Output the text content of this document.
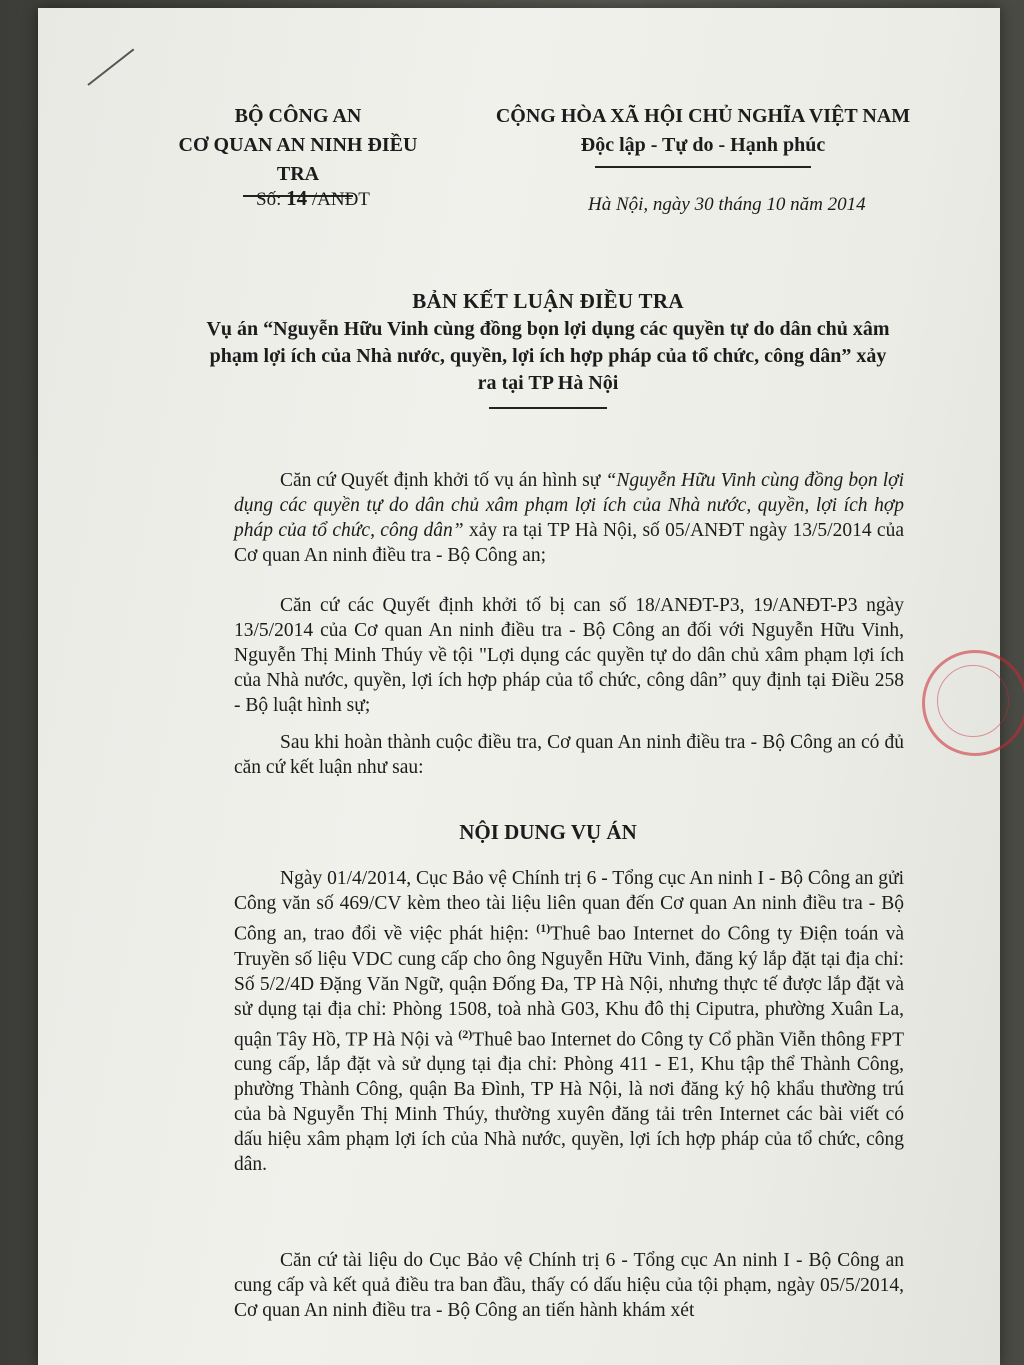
BỘ CÔNG AN
CƠ QUAN AN NINH ĐIỀU TRA
CỘNG HÒA XÃ HỘI CHỦ NGHĨA VIỆT NAM
Độc lập - Tự do - Hạnh phúc
Số: 14 /ANĐT	Hà Nội, ngày 30 tháng 10 năm 2014
BẢN KẾT LUẬN ĐIỀU TRA
Vụ án “Nguyễn Hữu Vinh cùng đồng bọn lợi dụng các quyền tự do dân chủ xâm phạm lợi ích của Nhà nước, quyền, lợi ích hợp pháp của tổ chức, công dân” xảy ra tại TP Hà Nội

Căn cứ Quyết định khởi tố vụ án hình sự “Nguyễn Hữu Vinh cùng đồng bọn lợi dụng các quyền tự do dân chủ xâm phạm lợi ích của Nhà nước, quyền, lợi ích hợp pháp của tổ chức, công dân” xảy ra tại TP Hà Nội, số 05/ANĐT ngày 13/5/2014 của Cơ quan An ninh điều tra - Bộ Công an;

Căn cứ các Quyết định khởi tố bị can số 18/ANĐT-P3, 19/ANĐT-P3 ngày 13/5/2014 của Cơ quan An ninh điều tra - Bộ Công an đối với Nguyễn Hữu Vinh, Nguyễn Thị Minh Thúy về tội "Lợi dụng các quyền tự do dân chủ xâm phạm lợi ích của Nhà nước, quyền, lợi ích hợp pháp của tổ chức, công dân” quy định tại Điều 258 - Bộ luật hình sự;

Sau khi hoàn thành cuộc điều tra, Cơ quan An ninh điều tra - Bộ Công an có đủ căn cứ kết luận như sau:

NỘI DUNG VỤ ÁN

Ngày 01/4/2014, Cục Bảo vệ Chính trị 6 - Tổng cục An ninh I - Bộ Công an gửi Công văn số 469/CV kèm theo tài liệu liên quan đến Cơ quan An ninh điều tra - Bộ Công an, trao đổi về việc phát hiện: $^{(1)}$Thuê bao Internet do Công ty Điện toán và Truyền số liệu VDC cung cấp cho ông Nguyễn Hữu Vinh, đăng ký lắp đặt tại địa chỉ: Số 5/2/4D Đặng Văn Ngữ, quận Đống Đa, TP Hà Nội, nhưng thực tế được lắp đặt và sử dụng tại địa chỉ: Phòng 1508, toà nhà G03, Khu đô thị Ciputra, phường Xuân La, quận Tây Hồ, TP Hà Nội và $^{(2)}$Thuê bao Internet do Công ty Cổ phần Viễn thông FPT cung cấp, lắp đặt và sử dụng tại địa chỉ: Phòng 411 - E1, Khu tập thể Thành Công, phường Thành Công, quận Ba Đình, TP Hà Nội, là nơi đăng ký hộ khẩu thường trú của bà Nguyễn Thị Minh Thúy, thường xuyên đăng tải trên Internet các bài viết có dấu hiệu xâm phạm lợi ích của Nhà nước, quyền, lợi ích hợp pháp của tổ chức, công dân.

Căn cứ tài liệu do Cục Bảo vệ Chính trị 6 - Tổng cục An ninh I - Bộ Công an cung cấp và kết quả điều tra ban đầu, thấy có dấu hiệu của tội phạm, ngày 05/5/2014, Cơ quan An ninh điều tra - Bộ Công an tiến hành khám xét
